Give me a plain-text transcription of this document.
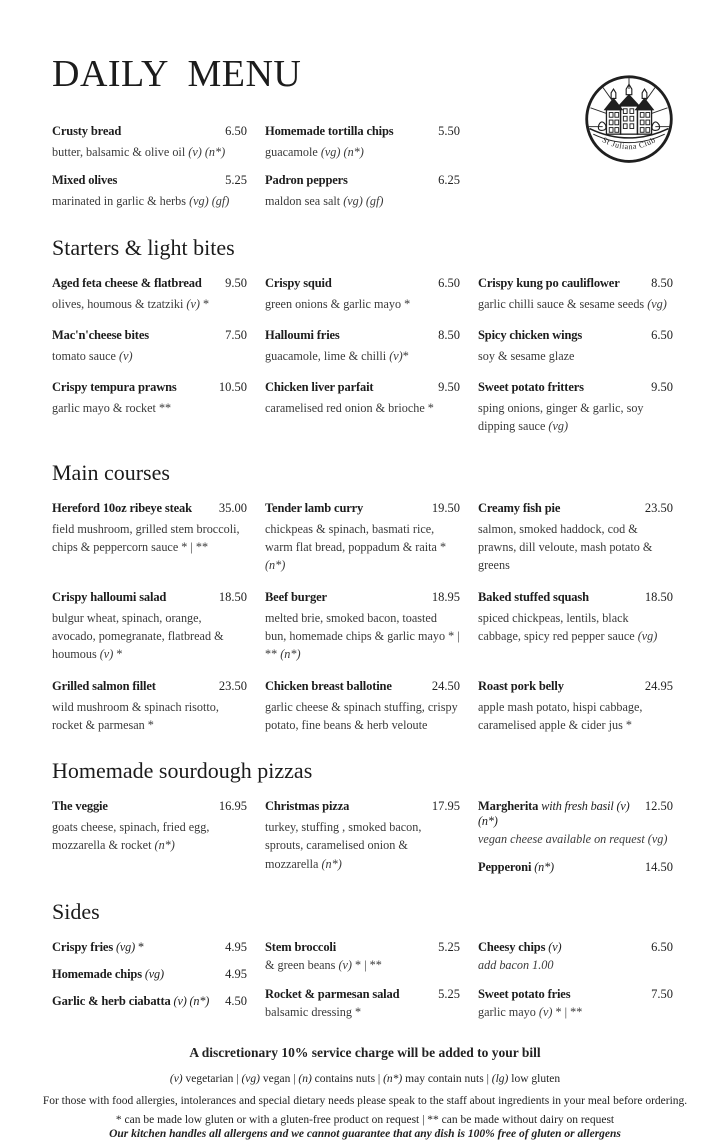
DAILY MENU
St Juliana Club
Crusty bread	6.50
butter, balsamic & olive oil (v) (n*)
Mixed olives	5.25
marinated in garlic & herbs (vg) (gf)
Homemade tortilla chips	5.50
guacamole (vg) (n*)
Padron peppers	6.25
maldon sea salt (vg) (gf)
Starters & light bites
Aged feta cheese & flatbread 9.50
olives, houmous & tzatziki (v) *
Crispy squid	6.50
green onions & garlic mayo *
Crispy kung po cauliflower	8.50
garlic chilli sauce & sesame seeds (vg)
Mac'n'cheese bites	7.50
tomato sauce (v)
Halloumi fries	8.50
guacamole, lime & chilli (v)*
Spicy chicken wings	6.50
soy & sesame glaze
Crispy tempura prawns	10.50
garlic mayo & rocket **
Chicken liver parfait	9.50
caramelised red onion & brioche *
Sweet potato fritters	9.50
sping onions, ginger & garlic, soy dipping sauce (vg)
Main courses
Hereford 10oz ribeye steak 35.00
field mushroom, grilled stem broccoli, chips & peppercorn sauce * | **
Tender lamb curry	19.50
chickpeas & spinach, basmati rice, warm flat bread, poppadum & raita * (n*)
Creamy fish pie	23.50
salmon, smoked haddock, cod & prawns, dill veloute, mash potato & greens
Crispy halloumi salad	18.50
bulgur wheat, spinach, orange, avocado, pomegranate, flatbread & houmous (v) *
Beef burger	18.95
melted brie, smoked bacon, toasted bun, homemade chips & garlic mayo * | ** (n*)
Baked stuffed squash	18.50
spiced chickpeas, lentils, black cabbage, spicy red pepper sauce (vg)
Grilled salmon fillet	23.50
wild mushroom & spinach risotto, rocket & parmesan *
Chicken breast ballotine	24.50
garlic cheese & spinach stuffing, crispy potato, fine beans & herb veloute
Roast pork belly	24.95
apple mash potato, hispi cabbage, caramelised apple & cider jus *
Homemade sourdough pizzas
The veggie	16.95
goats cheese, spinach, fried egg, mozzarella & rocket (n*)
Christmas pizza	17.95
turkey, stuffing , smoked bacon, sprouts, caramelised onion & mozzarella (n*)
Margherita with fresh basil (v) (n*)
12.50
vegan cheese available on request (vg)
Pepperoni (n*)	14.50
Sides
Crispy fries (vg) *	4.95
Homemade chips (vg)	4.95
Garlic & herb ciabatta (v) (n*) 4.50
Stem broccoli	5.25
& green beans (v) * | **
Rocket & parmesan salad	5.25
balsamic dressing *
Cheesy chips (v)	6.50
add bacon 1.00
Sweet potato fries	7.50
garlic mayo (v) * | **
A discretionary 10% service charge will be added to your bill
(v) vegetarian | (vg) vegan | (n) contains nuts | (n*) may contain nuts | (lg) low gluten
For those with food allergies, intolerances and special dietary needs please speak to the staff about ingredients in your meal before ordering.
* can be made low gluten or with a gluten-free product on request | ** can be made without dairy on request
Our kitchen handles all allergens and we cannot guarantee that any dish is 100% free of gluten or allergens
